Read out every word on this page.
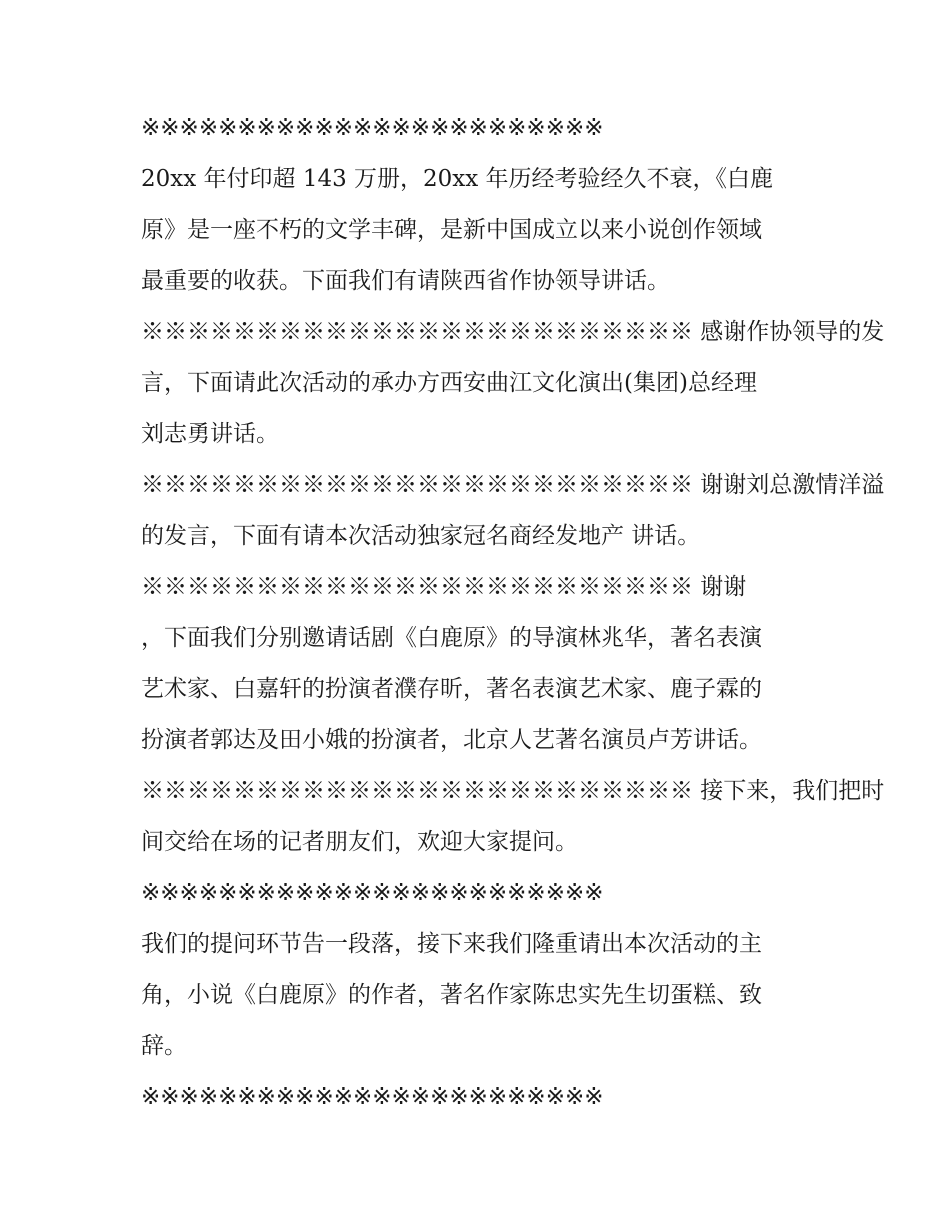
※※※※※※※※※※※※※※※※※※※※※※※※
20xx 年付印超 143 万册，20xx 年历经考验经久不衰，《白鹿
原》是一座不朽的文学丰碑，是新中国成立以来小说创作领域
最重要的收获。下面我们有请陕西省作协领导讲话。
※※※※※※※※※※※※※※※※※※※※※※※※ 感谢作协领导的发
言，下面请此次活动的承办方西安曲江文化演出(集团)总经理
刘志勇讲话。
※※※※※※※※※※※※※※※※※※※※※※※※ 谢谢刘总激情洋溢
的发言，下面有请本次活动独家冠名商经发地产 讲话。
※※※※※※※※※※※※※※※※※※※※※※※※ 谢谢
，下面我们分别邀请话剧《白鹿原》的导演林兆华，著名表演
艺术家、白嘉轩的扮演者濮存昕，著名表演艺术家、鹿子霖的
扮演者郭达及田小娥的扮演者，北京人艺著名演员卢芳讲话。
※※※※※※※※※※※※※※※※※※※※※※※※ 接下来，我们把时
间交给在场的记者朋友们，欢迎大家提问。
※※※※※※※※※※※※※※※※※※※※※※※※
我们的提问环节告一段落，接下来我们隆重请出本次活动的主
角，小说《白鹿原》的作者，著名作家陈忠实先生切蛋糕、致
辞。
※※※※※※※※※※※※※※※※※※※※※※※※
